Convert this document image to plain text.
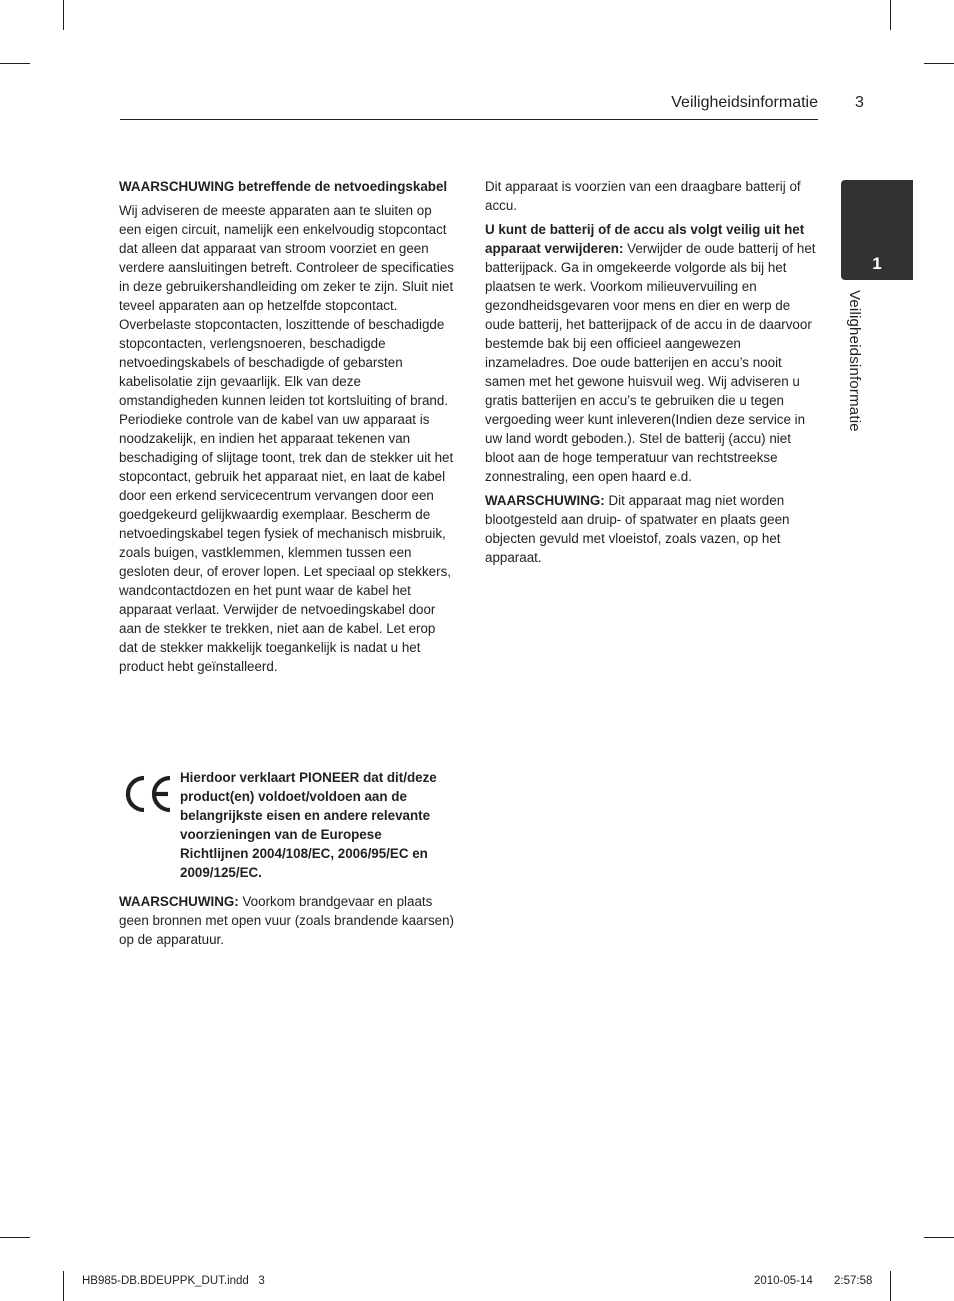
Veiligheidsinformatie 3
1
Veiligheidsinformatie

WAARSCHUWING betreffende de netvoedingskabel

Wij adviseren de meeste apparaten aan te sluiten op een eigen circuit, namelijk een enkelvoudig stopcontact dat alleen dat apparaat van stroom voorziet en geen verdere aansluitingen betreft. Controleer de specificaties in deze gebruikershandleiding om zeker te zijn. Sluit niet teveel apparaten aan op hetzelfde stopcontact. Overbelaste stopcontacten, loszittende of beschadigde stopcontacten, verlengsnoeren, beschadigde netvoedingskabels of beschadigde of gebarsten kabelisolatie zijn gevaarlijk. Elk van deze omstandigheden kunnen leiden tot kortsluiting of brand. Periodieke controle van de kabel van uw apparaat is noodzakelijk, en indien het apparaat tekenen van beschadiging of slijtage toont, trek dan de stekker uit het stopcontact, gebruik het apparaat niet, en laat de kabel door een erkend servicecentrum vervangen door een goedgekeurd gelijkwaardig exemplaar. Bescherm de netvoedingskabel tegen fysiek of mechanisch misbruik, zoals buigen, vastklemmen, klemmen tussen een gesloten deur, of erover lopen. Let speciaal op stekkers, wandcontactdozen en het punt waar de kabel het apparaat verlaat. Verwijder de netvoedingskabel door aan de stekker te trekken, niet aan de kabel. Let erop dat de stekker makkelijk toegankelijk is nadat u het product hebt geïnstalleerd.

Hierdoor verklaart PIONEER dat dit/deze product(en) voldoet/voldoen aan de belangrijkste eisen en andere relevante voorzieningen van de Europese Richtlijnen 2004/108/EC, 2006/95/EC en 2009/125/EC.

WAARSCHUWING: Voorkom brandgevaar en plaats geen bronnen met open vuur (zoals brandende kaarsen) op de apparatuur.

Dit apparaat is voorzien van een draagbare batterij of accu.

U kunt de batterij of de accu als volgt veilig uit het apparaat verwijderen: Verwijder de oude batterij of het batterijpack. Ga in omgekeerde volgorde als bij het plaatsen te werk. Voorkom milieuvervuiling en gezondheidsgevaren voor mens en dier en werp de oude batterij, het batterijpack of de accu in de daarvoor bestemde bak bij een officieel aangewezen inzameladres. Doe oude batterijen en accu’s nooit samen met het gewone huisvuil weg. Wij adviseren u gratis batterijen en accu’s te gebruiken die u tegen vergoeding weer kunt inleveren(Indien deze service in uw land wordt geboden.). Stel de batterij (accu) niet bloot aan de hoge temperatuur van rechtstreekse zonnestraling, een open haard e.d.

WAARSCHUWING: Dit apparaat mag niet worden blootgesteld aan druip- of spatwater en plaats geen objecten gevuld met vloeistof, zoals vazen, op het apparaat.

HB985-DB.BDEUPPK_DUT.indd   3	2010-05-14 2:57:58
